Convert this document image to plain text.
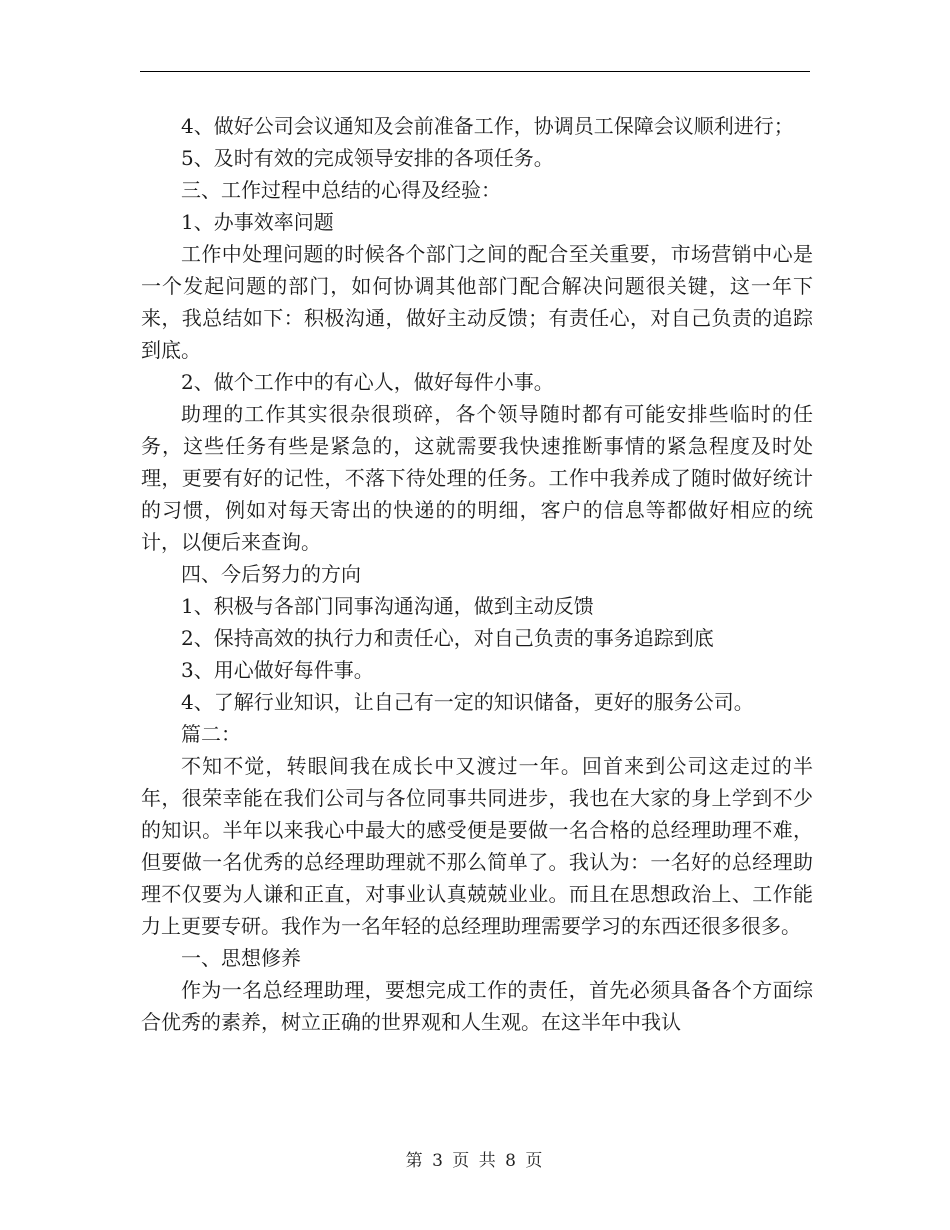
4、做好公司会议通知及会前准备工作，协调员工保障会议顺利进行；

5、及时有效的完成领导安排的各项任务。

三、工作过程中总结的心得及经验：

1、办事效率问题

工作中处理问题的时候各个部门之间的配合至关重要，市场营销中心是一个发起问题的部门，如何协调其他部门配合解决问题很关键，这一年下来，我总结如下：积极沟通，做好主动反馈；有责任心，对自己负责的追踪到底。

2、做个工作中的有心人，做好每件小事。

助理的工作其实很杂很琐碎，各个领导随时都有可能安排些临时的任务，这些任务有些是紧急的，这就需要我快速推断事情的紧急程度及时处理，更要有好的记性，不落下待处理的任务。工作中我养成了随时做好统计的习惯，例如对每天寄出的快递的的明细，客户的信息等都做好相应的统计，以便后来查询。

四、今后努力的方向

1、积极与各部门同事沟通沟通，做到主动反馈

2、保持高效的执行力和责任心，对自己负责的事务追踪到底

3、用心做好每件事。

4、了解行业知识，让自己有一定的知识储备，更好的服务公司。

篇二：

不知不觉，转眼间我在成长中又渡过一年。回首来到公司这走过的半年，很荣幸能在我们公司与各位同事共同进步，我也在大家的身上学到不少的知识。半年以来我心中最大的感受便是要做一名合格的总经理助理不难，但要做一名优秀的总经理助理就不那么简单了。我认为：一名好的总经理助理不仅要为人谦和正直，对事业认真兢兢业业。而且在思想政治上、工作能力上更要专研。我作为一名年轻的总经理助理需要学习的东西还很多很多。

一、思想修养

作为一名总经理助理，要想完成工作的责任，首先必须具备各个方面综合优秀的素养，树立正确的世界观和人生观。在这半年中我认

第 3 页 共 8 页
